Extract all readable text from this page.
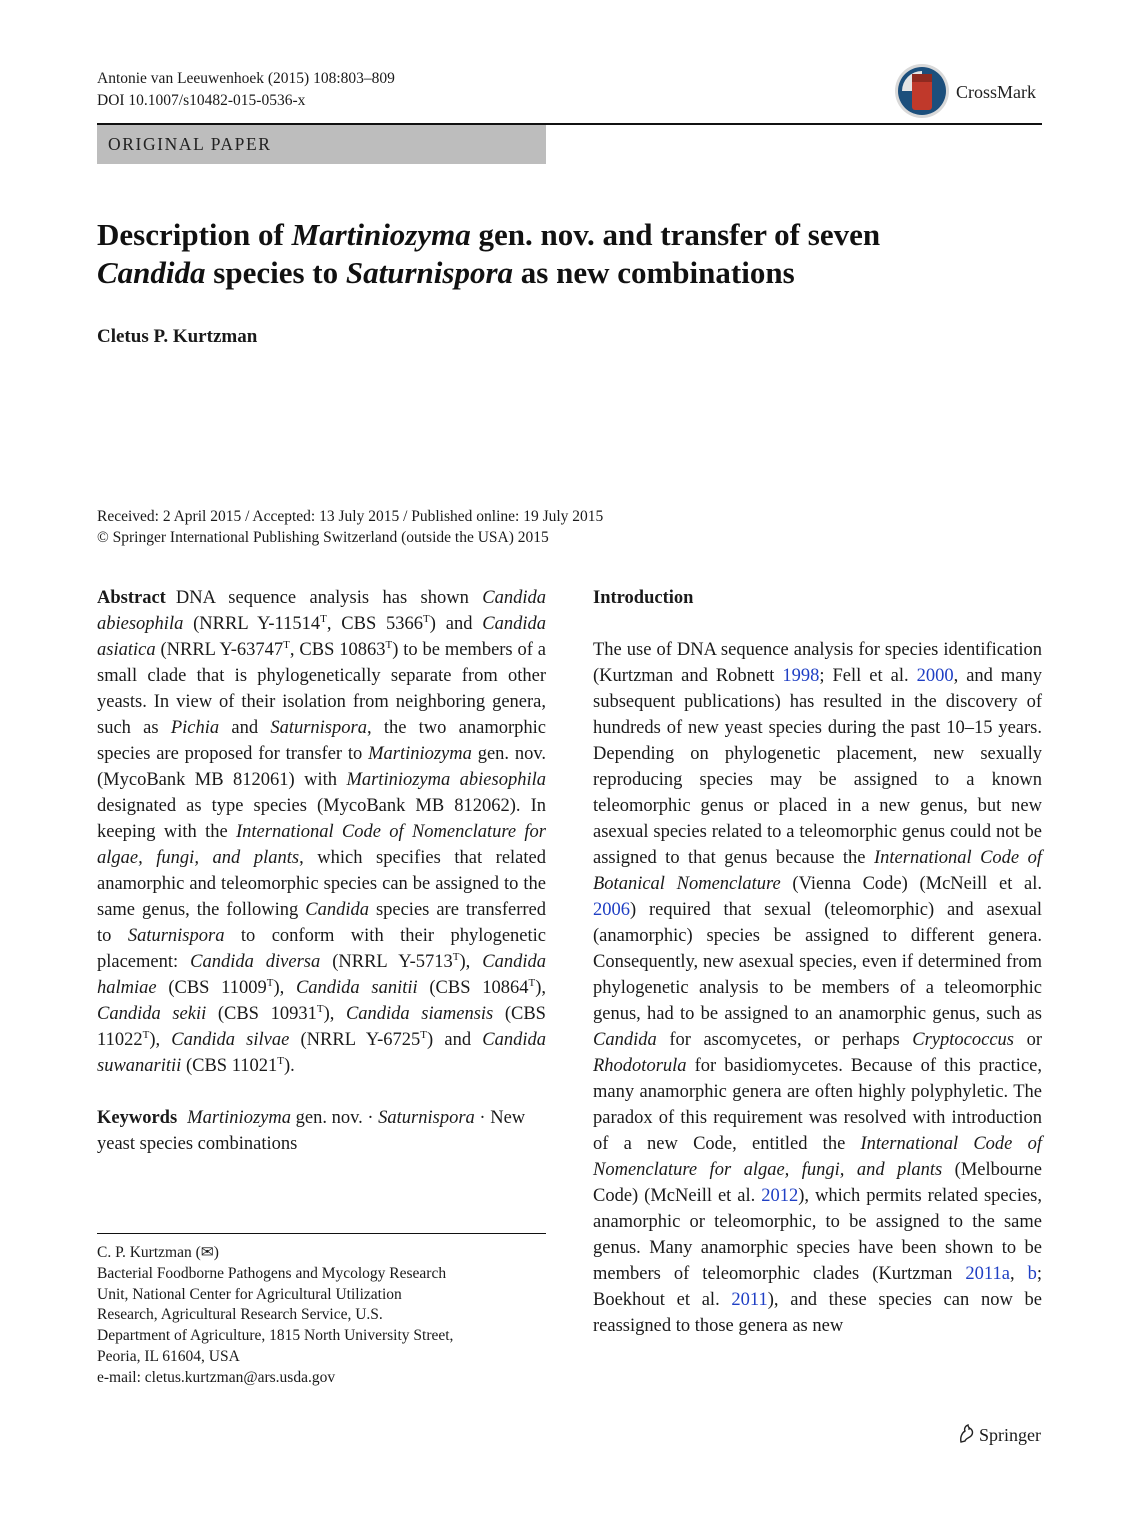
Antonie van Leeuwenhoek (2015) 108:803–809
DOI 10.1007/s10482-015-0536-x	CrossMark
ORIGINAL PAPER
Description of Martiniozyma gen. nov. and transfer of seven
Candida species to Saturnispora as new combinations
Cletus P. Kurtzman
Received: 2 April 2015 / Accepted: 13 July 2015 / Published online: 19 July 2015
© Springer International Publishing Switzerland (outside the USA) 2015

Abstract DNA sequence analysis has shown Candida abiesophila (NRRL $Y-11514^T$, CBS $5366^T$) and Candida asiatica (NRRL $Y-63747^T$, CBS $10863^T$) to be members of a small clade that is phylogenetically separate from other yeasts. In view of their isolation from neighboring genera, such as Pichia and Saturnispora, the two anamorphic species are proposed for transfer to Martiniozyma gen. nov. (MycoBank MB 812061) with Martiniozyma abiesophila designated as type species (MycoBank MB 812062). In keeping with the International Code of Nomenclature for algae, fungi, and plants, which specifies that related anamorphic and teleomorphic species can be assigned to the same genus, the following Candida species are transferred to Saturnispora to conform with their phylogenetic placement: Candida diversa (NRRL $Y-5713^T$), Candida halmiae (CBS $11009^T$), Candida sanitii (CBS $10864^T$), Candida sekii (CBS $10931^T$), Candida siamensis (CBS $11022^T$), Candida silvae (NRRL $Y-6725^T$) and Candida suwanaritii (CBS $11021^T$).

Keywords Martiniozyma gen. nov. · Saturnispora · New yeast species combinations

C. P. Kurtzman (✉)
Bacterial Foodborne Pathogens and Mycology Research
Unit, National Center for Agricultural Utilization
Research, Agricultural Research Service, U.S.
Department of Agriculture, 1815 North University Street,
Peoria, IL 61604, USA
e-mail: cletus.kurtzman@ars.usda.gov

Introduction

The use of DNA sequence analysis for species identification (Kurtzman and Robnett 1998; Fell et al. 2000, and many subsequent publications) has resulted in the discovery of hundreds of new yeast species during the past 10–15 years. Depending on phylogenetic placement, new sexually reproducing species may be assigned to a known teleomorphic genus or placed in a new genus, but new asexual species related to a teleomorphic genus could not be assigned to that genus because the International Code of Botanical Nomenclature (Vienna Code) (McNeill et al. 2006) required that sexual (teleomorphic) and asexual (anamorphic) species be assigned to different genera. Consequently, new asexual species, even if determined from phylogenetic analysis to be members of a teleomorphic genus, had to be assigned to an anamorphic genus, such as Candida for ascomycetes, or perhaps Cryptococcus or Rhodotorula for basidiomycetes. Because of this practice, many anamorphic genera are often highly polyphyletic. The paradox of this requirement was resolved with introduction of a new Code, entitled the International Code of Nomenclature for algae, fungi, and plants (Melbourne Code) (McNeill et al. 2012), which permits related species, anamorphic or teleomorphic, to be assigned to the same genus. Many anamorphic species have been shown to be members of teleomorphic clades (Kurtzman 2011a, b; Boekhout et al. 2011), and these species can now be reassigned to those genera as new

Springer
